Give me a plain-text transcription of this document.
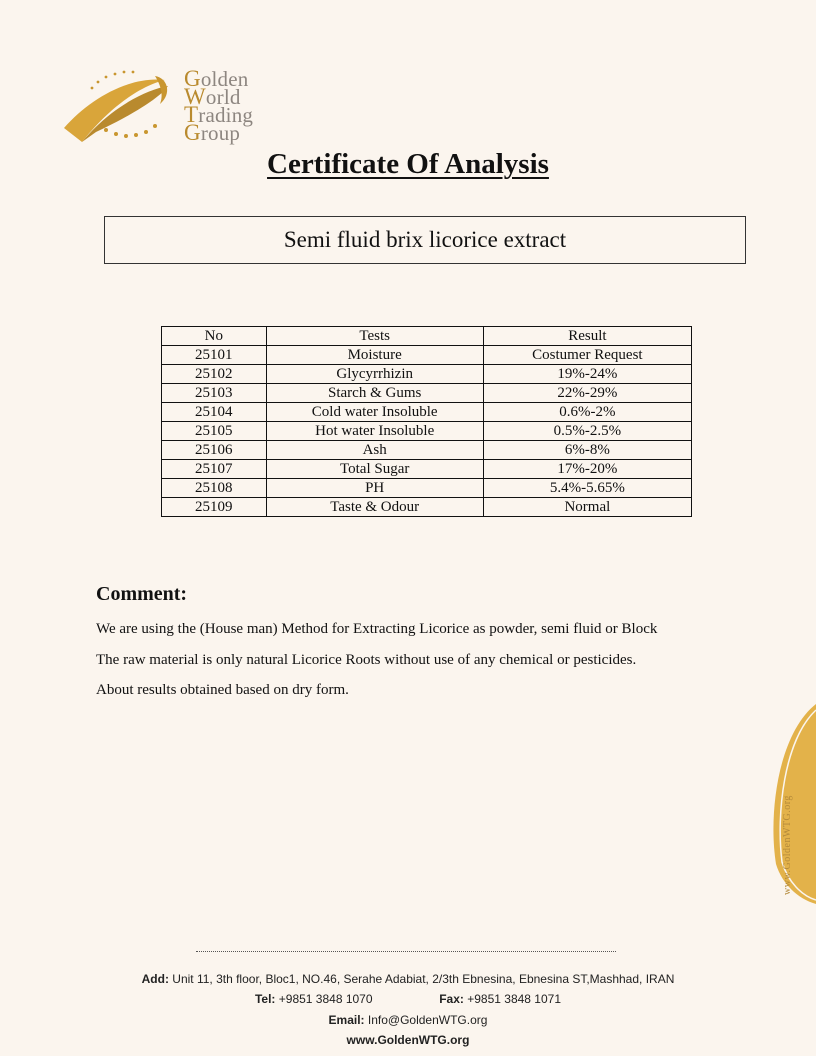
Golden
World
Trading
Group
Certificate Of Analysis
Semi fluid brix licorice extract
No	Tests	Result
25101	Moisture	Costumer Request
25102	Glycyrrhizin	19%-24%
25103	Starch & Gums	22%-29%
25104	Cold water Insoluble	0.6%-2%
25105	Hot water Insoluble	0.5%-2.5%
25106	Ash	6%-8%
25107	Total Sugar	17%-20%
25108	PH	5.4%-5.65%
25109	Taste & Odour	Normal
Comment:
We are using the (House man) Method for Extracting Licorice as powder, semi fluid or Block
The raw material is only natural Licorice Roots without use of any chemical or pesticides.
About results obtained based on dry form.
www.GoldenWTG.org
Add: Unit 11, 3th floor, Bloc1, NO.46, Serahe Adabiat, 2/3th Ebnesina, Ebnesina ST,Mashhad, IRAN
Tel: +9851 3848 1070	Fax: +9851 3848 1071
Email: Info@GoldenWTG.org
www.GoldenWTG.org
